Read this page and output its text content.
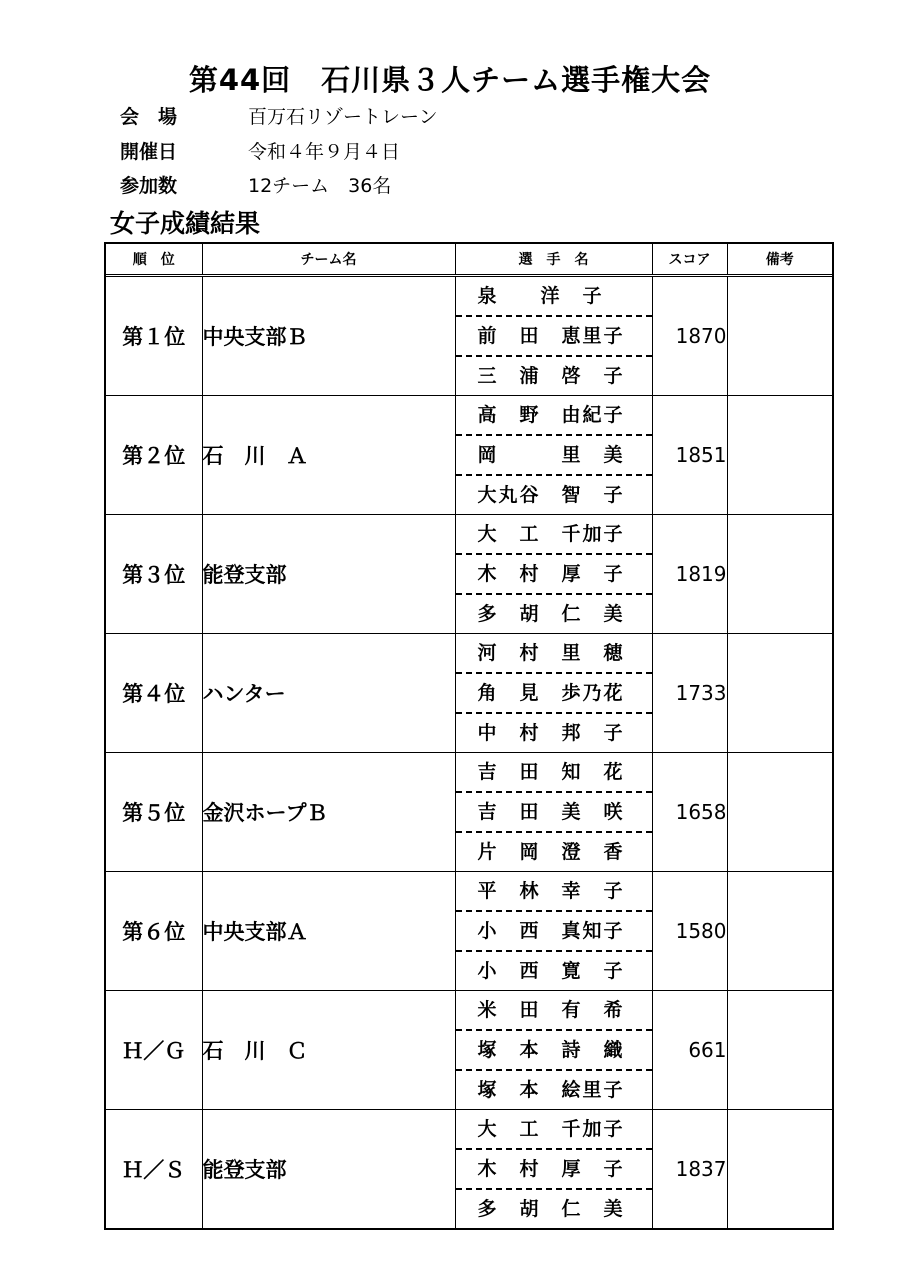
第44回　石川県３人チーム選手権大会
会　場	百万石リゾートレーン
開催日	令和４年９月４日
参加数	12チーム　36名
女子成績結果
順　位	チーム名	選　手　名	スコア	備考

第１位	中央支部Ｂ	泉　　洋　子
前　田　恵里子
三　浦　啓　子	1870	
第２位	石　川　Ａ	高　野　由紀子
岡　　　里　美
大丸谷　智　子	1851	
第３位	能登支部	大　工　千加子
木　村　厚　子
多　胡　仁　美	1819	
第４位	ハンター	河　村　里　穂
角　見　歩乃花
中　村　邦　子	1733	
第５位	金沢ホープＢ	吉　田　知　花
吉　田　美　咲
片　岡　澄　香	1658	
第６位	中央支部Ａ	平　林　幸　子
小　西　真知子
小　西　寛　子	1580	
Ｈ／Ｇ	石　川　Ｃ	米　田　有　希
塚　本　詩　織
塚　本　絵里子	661	
Ｈ／Ｓ	能登支部	大　工　千加子
木　村　厚　子
多　胡　仁　美	1837	
